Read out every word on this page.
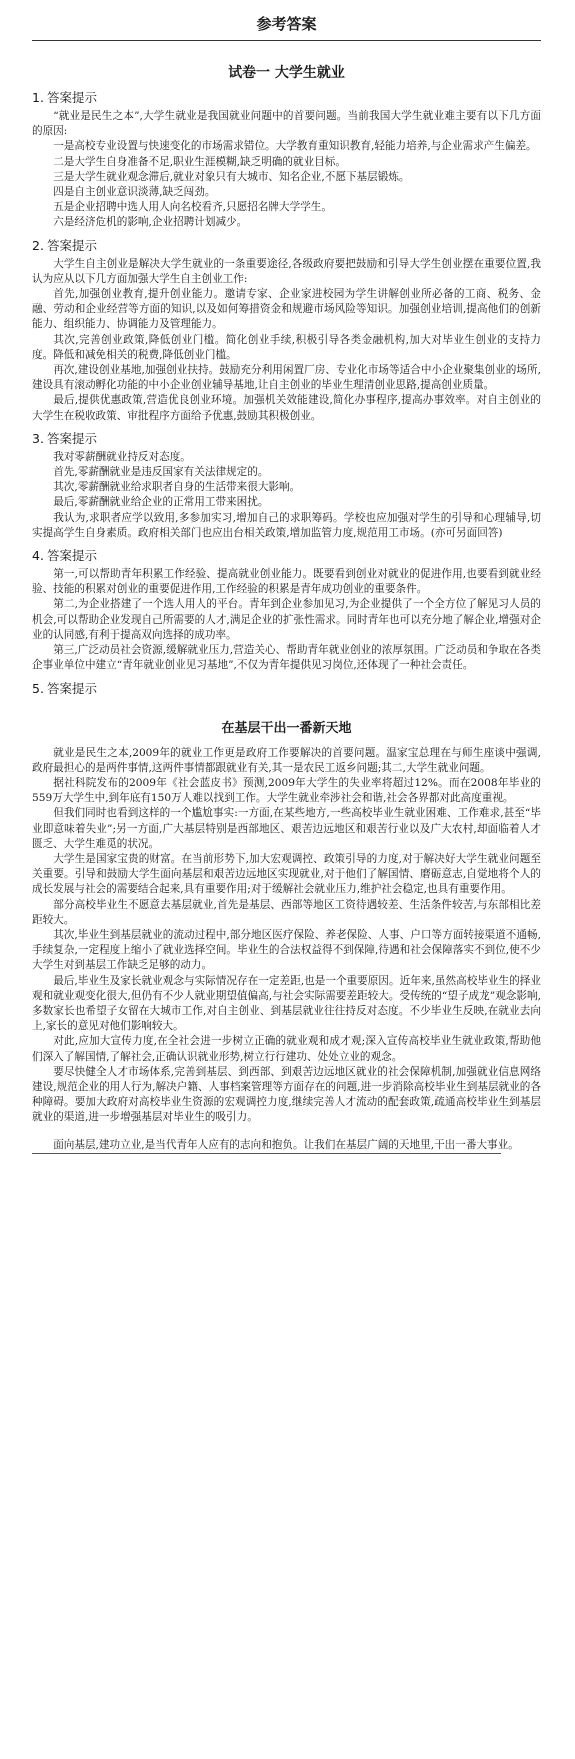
参考答案
试卷一 大学生就业
1. 答案提示

“就业是民生之本”,大学生就业是我国就业问题中的首要问题。当前我国大学生就业难主要有以下几方面的原因:

一是高校专业设置与快速变化的市场需求错位。大学教育重知识教育,轻能力培养,与企业需求产生偏差。

二是大学生自身准备不足,职业生涯模糊,缺乏明确的就业目标。

三是大学生就业观念滞后,就业对象只有大城市、知名企业,不愿下基层锻炼。

四是自主创业意识淡薄,缺乏闯劲。

五是企业招聘中选人用人向名校看齐,只愿招名牌大学学生。

六是经济危机的影响,企业招聘计划减少。

2. 答案提示

大学生自主创业是解决大学生就业的一条重要途径,各级政府要把鼓励和引导大学生创业摆在重要位置,我认为应从以下几方面加强大学生自主创业工作:

首先,加强创业教育,提升创业能力。邀请专家、企业家进校园为学生讲解创业所必备的工商、税务、金融、劳动和企业经营等方面的知识,以及如何筹措资金和规避市场风险等知识。加强创业培训,提高他们的创新能力、组织能力、协调能力及管理能力。

其次,完善创业政策,降低创业门槛。简化创业手续,积极引导各类金融机构,加大对毕业生创业的支持力度。降低和减免相关的税费,降低创业门槛。

再次,建设创业基地,加强创业扶持。鼓励充分利用闲置厂房、专业化市场等适合中小企业聚集创业的场所,建设具有滚动孵化功能的中小企业创业辅导基地,让自主创业的毕业生理清创业思路,提高创业质量。

最后,提供优惠政策,营造优良创业环境。加强机关效能建设,简化办事程序,提高办事效率。对自主创业的大学生在税收政策、审批程序方面给予优惠,鼓励其积极创业。

3. 答案提示

我对零薪酬就业持反对态度。

首先,零薪酬就业是违反国家有关法律规定的。

其次,零薪酬就业给求职者自身的生活带来很大影响。

最后,零薪酬就业给企业的正常用工带来困扰。

我认为,求职者应学以致用,多参加实习,增加自己的求职筹码。学校也应加强对学生的引导和心理辅导,切实提高学生自身素质。政府相关部门也应出台相关政策,增加监管力度,规范用工市场。(亦可另面回答)

4. 答案提示

第一,可以帮助青年积累工作经验、提高就业创业能力。既要看到创业对就业的促进作用,也要看到就业经验、技能的积累对创业的重要促进作用,工作经验的积累是青年成功创业的重要条件。

第二,为企业搭建了一个选人用人的平台。青年到企业参加见习,为企业提供了一个全方位了解见习人员的机会,可以帮助企业发现自己所需要的人才,满足企业的扩张性需求。同时青年也可以充分地了解企业,增强对企业的认同感,有利于提高双向选择的成功率。

第三,广泛动员社会资源,缓解就业压力,营造关心、帮助青年就业创业的浓厚氛围。广泛动员和争取在各类企事业单位中建立“青年就业创业见习基地”,不仅为青年提供见习岗位,还体现了一种社会责任。

5. 答案提示
在基层干出一番新天地

就业是民生之本,2009年的就业工作更是政府工作要解决的首要问题。温家宝总理在与师生座谈中强调,政府最担心的是两件事情,这两件事情都跟就业有关,其一是农民工返乡问题;其二,大学生就业问题。

据社科院发布的2009年《社会蓝皮书》预测,2009年大学生的失业率将超过12%。而在2008年毕业的559万大学生中,到年底有150万人难以找到工作。大学生就业牵涉社会和谐,社会各界都对此高度重视。

但我们同时也看到这样的一个尴尬事实:一方面,在某些地方,一些高校毕业生就业困难、工作难求,甚至“毕业即意味着失业”;另一方面,广大基层特别是西部地区、艰苦边远地区和艰苦行业以及广大农村,却面临着人才匮乏、大学生难觅的状况。

大学生是国家宝贵的财富。在当前形势下,加大宏观调控、政策引导的力度,对于解决好大学生就业问题至关重要。引导和鼓励大学生面向基层和艰苦边远地区实现就业,对于他们了解国情、磨砺意志,自觉地将个人的成长发展与社会的需要结合起来,具有重要作用;对于缓解社会就业压力,维护社会稳定,也具有重要作用。

部分高校毕业生不愿意去基层就业,首先是基层、西部等地区工资待遇较差、生活条件较苦,与东部相比差距较大。

其次,毕业生到基层就业的流动过程中,部分地区医疗保险、养老保险、人事、户口等方面转接渠道不通畅,手续复杂,一定程度上缩小了就业选择空间。毕业生的合法权益得不到保障,待遇和社会保障落实不到位,使不少大学生对到基层工作缺乏足够的动力。

最后,毕业生及家长就业观念与实际情况存在一定差距,也是一个重要原因。近年来,虽然高校毕业生的择业观和就业观变化很大,但仍有不少人就业期望值偏高,与社会实际需要差距较大。受传统的“望子成龙”观念影响,多数家长也希望子女留在大城市工作,对自主创业、到基层就业往往持反对态度。不少毕业生反映,在就业去向上,家长的意见对他们影响较大。

对此,应加大宣传力度,在全社会进一步树立正确的就业观和成才观;深入宣传高校毕业生就业政策,帮助他们深入了解国情,了解社会,正确认识就业形势,树立行行建功、处处立业的观念。

要尽快健全人才市场体系,完善到基层、到西部、到艰苦边远地区就业的社会保障机制,加强就业信息网络建设,规范企业的用人行为,解决户籍、人事档案管理等方面存在的问题,进一步消除高校毕业生到基层就业的各种障碍。要加大政府对高校毕业生资源的宏观调控力度,继续完善人才流动的配套政策,疏通高校毕业生到基层就业的渠道,进一步增强基层对毕业生的吸引力。

面向基层,建功立业,是当代青年人应有的志向和抱负。让我们在基层广阔的天地里,干出一番大事业。
